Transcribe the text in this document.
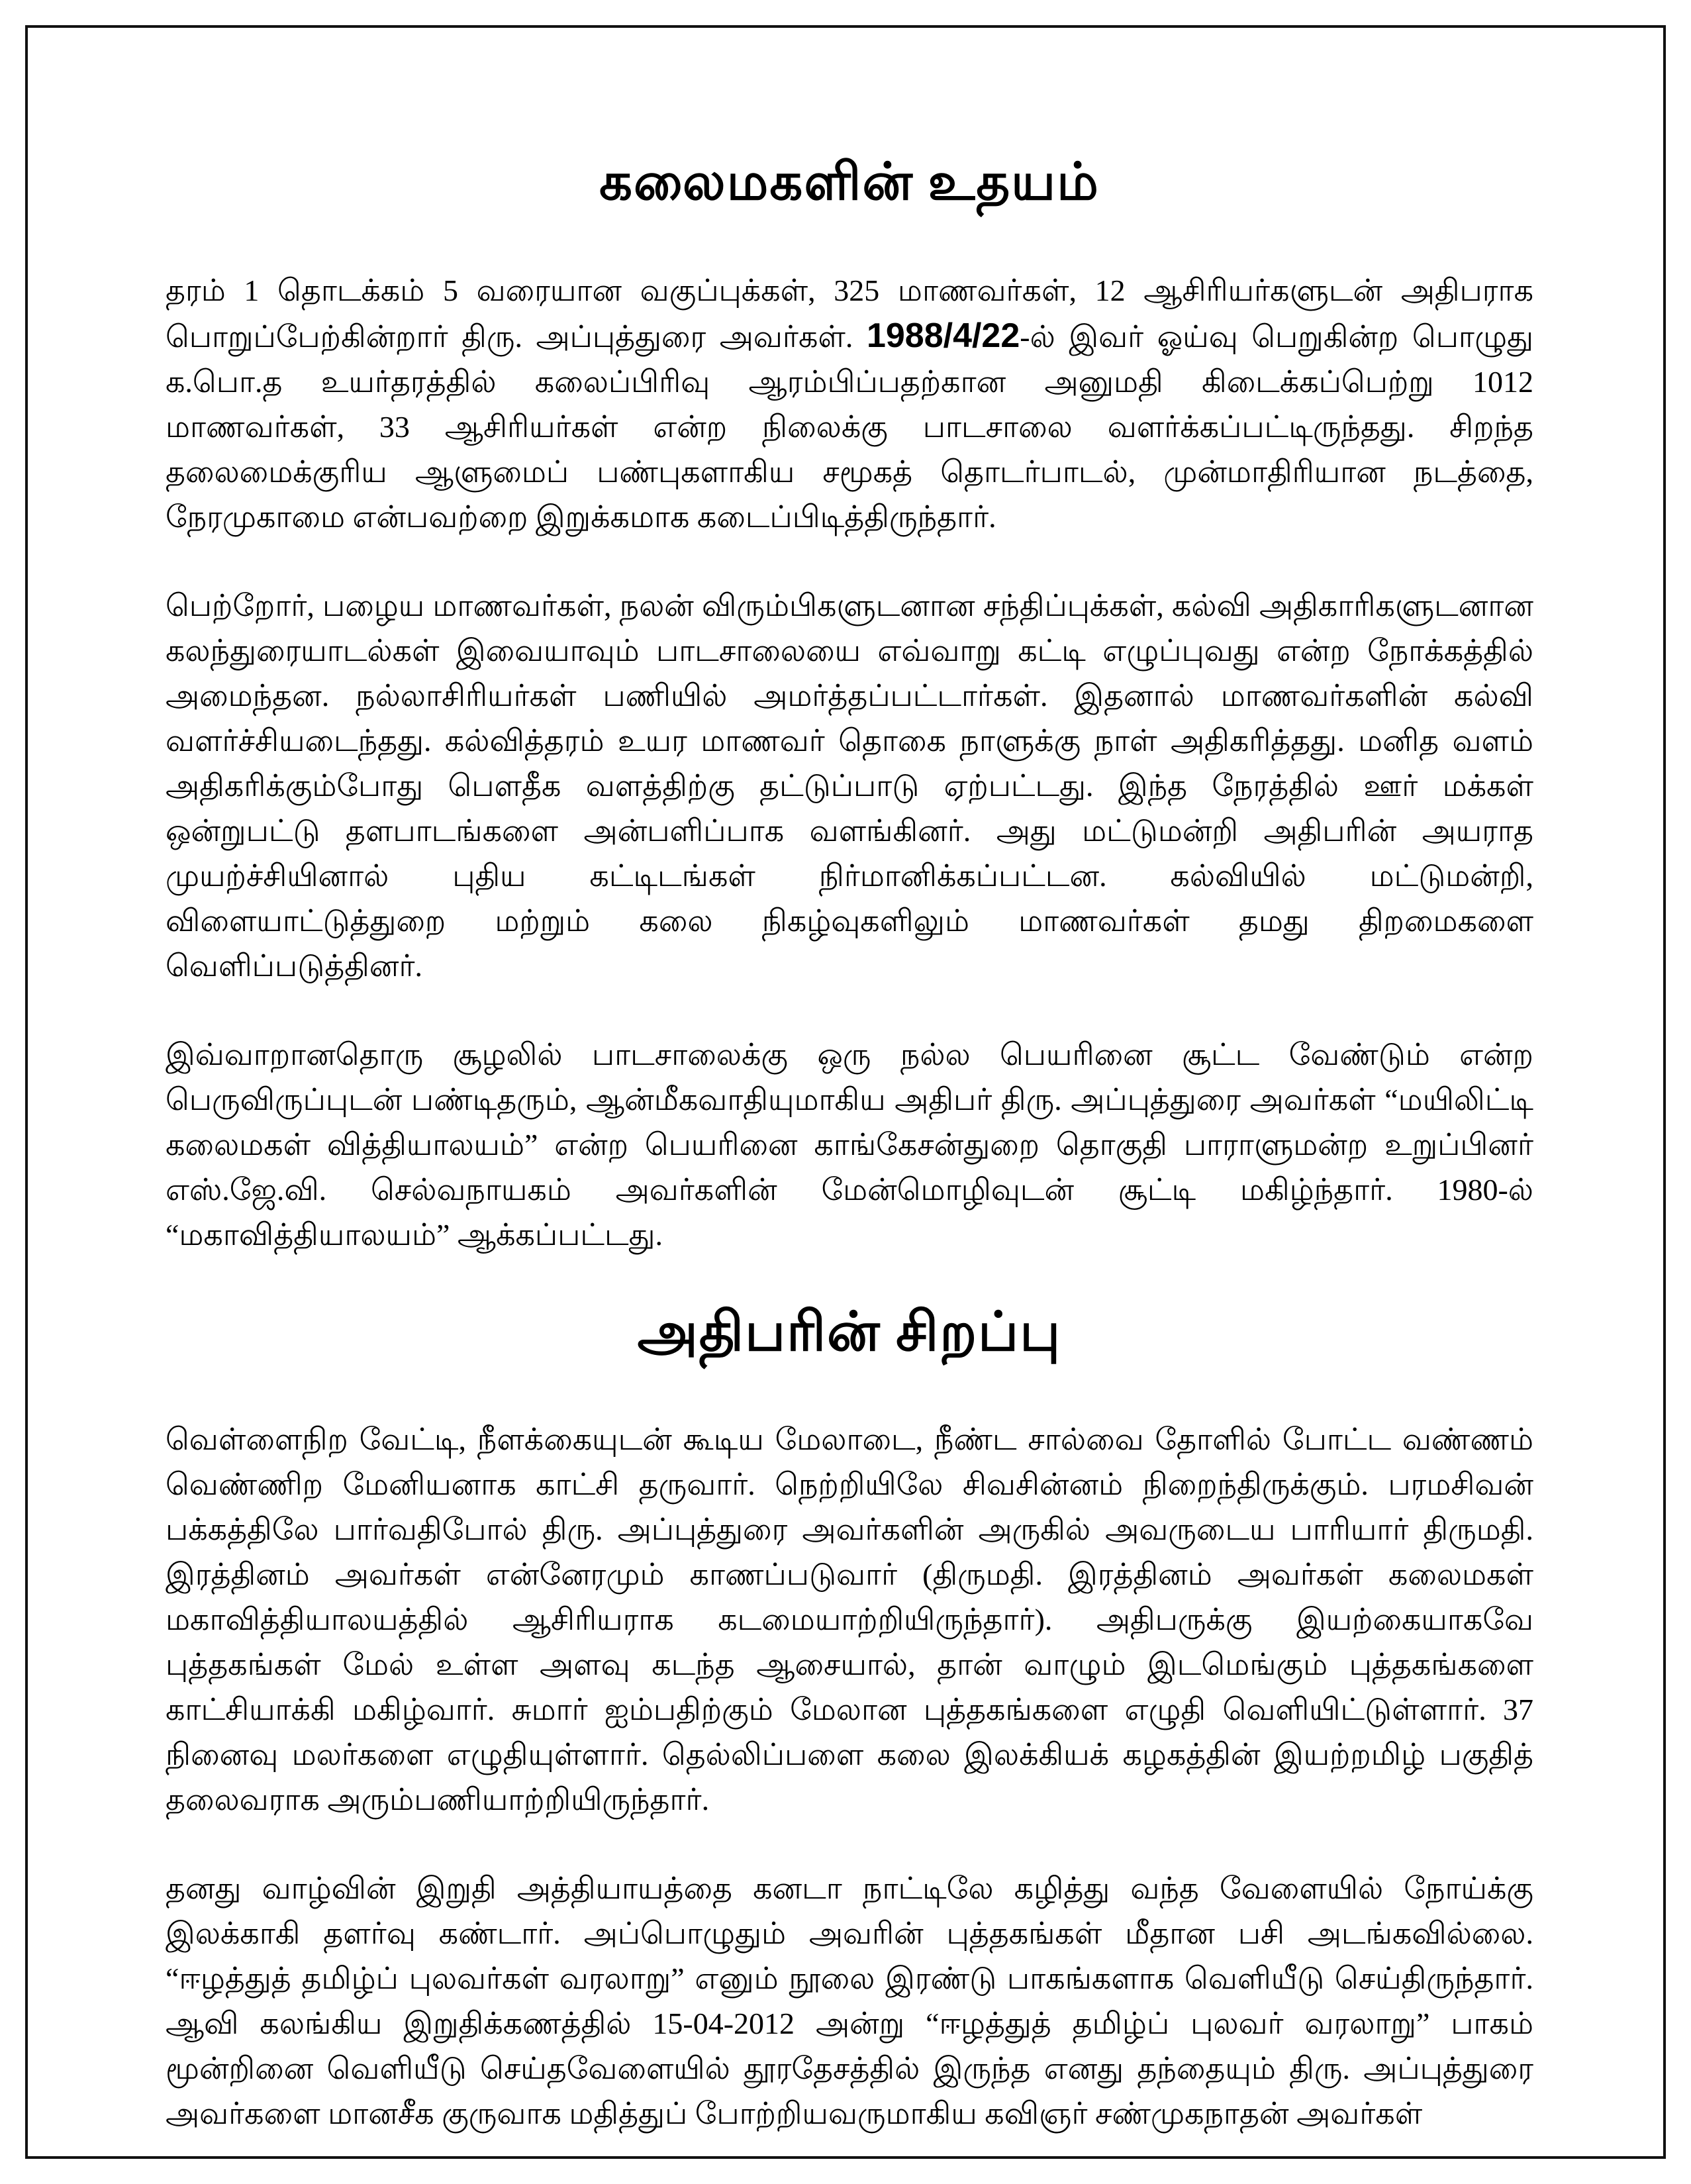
கலைமகளின் உதயம்

தரம் 1 தொடக்கம் 5 வரையான வகுப்புக்கள், 325 மாணவர்கள், 12 ஆசிரியர்களுடன் அதிபராக பொறுப்பேற்கின்றார் திரு. அப்புத்துரை அவர்கள். 1988/4/22-ல் இவர் ஓய்வு பெறுகின்ற பொழுது க.பொ.த உயர்தரத்தில் கலைப்பிரிவு ஆரம்பிப்பதற்கான அனுமதி கிடைக்கப்பெற்று 1012 மாணவர்கள், 33 ஆசிரியர்கள் என்ற நிலைக்கு பாடசாலை வளர்க்கப்பட்டிருந்தது. சிறந்த தலைமைக்குரிய ஆளுமைப் பண்புகளாகிய சமூகத் தொடர்பாடல், முன்மாதிரியான நடத்தை, நேரமுகாமை என்பவற்றை இறுக்கமாக கடைப்பிடித்திருந்தார்.

பெற்றோர், பழைய மாணவர்கள், நலன் விரும்பிகளுடனான சந்திப்புக்கள், கல்வி அதிகாரிகளுடனான கலந்துரையாடல்கள் இவையாவும் பாடசாலையை எவ்வாறு கட்டி எழுப்புவது என்ற நோக்கத்தில் அமைந்தன. நல்லாசிரியர்கள் பணியில் அமர்த்தப்பட்டார்கள். இதனால் மாணவர்களின் கல்வி வளர்ச்சியடைந்தது. கல்வித்தரம் உயர மாணவர் தொகை நாளுக்கு நாள் அதிகரித்தது. மனித வளம் அதிகரிக்கும்போது பௌதீக வளத்திற்கு தட்டுப்பாடு ஏற்பட்டது. இந்த நேரத்தில் ஊர் மக்கள் ஒன்றுபட்டு தளபாடங்களை அன்பளிப்பாக வளங்கினர். அது மட்டுமன்றி அதிபரின் அயராத முயற்ச்சியினால் புதிய கட்டிடங்கள் நிர்மானிக்கப்பட்டன. கல்வியில் மட்டுமன்றி, விளையாட்டுத்துறை மற்றும் கலை நிகழ்வுகளிலும் மாணவர்கள் தமது திறமைகளை வெளிப்படுத்தினர்.

இவ்வாறானதொரு சூழலில் பாடசாலைக்கு ஒரு நல்ல பெயரினை சூட்ட வேண்டும் என்ற பெருவிருப்புடன் பண்டிதரும், ஆன்மீகவாதியுமாகிய அதிபர் திரு. அப்புத்துரை அவர்கள் “மயிலிட்டி கலைமகள் வித்தியாலயம்” என்ற பெயரினை காங்கேசன்துறை தொகுதி பாராளுமன்ற உறுப்பினர் எஸ்.ஜே.வி. செல்வநாயகம் அவர்களின் மேன்மொழிவுடன் சூட்டி மகிழ்ந்தார். 1980-ல் “மகாவித்தியாலயம்” ஆக்கப்பட்டது.

அதிபரின் சிறப்பு

வெள்ளைநிற வேட்டி, நீளக்கையுடன் கூடிய மேலாடை, நீண்ட சால்வை தோளில் போட்ட வண்ணம் வெண்ணிற மேனியனாக காட்சி தருவார். நெற்றியிலே சிவசின்னம் நிறைந்திருக்கும். பரமசிவன் பக்கத்திலே பார்வதிபோல் திரு. அப்புத்துரை அவர்களின் அருகில் அவருடைய பாரியார் திருமதி. இரத்தினம் அவர்கள் என்னேரமும் காணப்படுவார் (திருமதி. இரத்தினம் அவர்கள் கலைமகள் மகாவித்தியாலயத்தில் ஆசிரியராக கடமையாற்றியிருந்தார்). அதிபருக்கு இயற்கையாகவே புத்தகங்கள் மேல் உள்ள அளவு கடந்த ஆசையால், தான் வாழும் இடமெங்கும் புத்தகங்களை காட்சியாக்கி மகிழ்வார். சுமார் ஐம்பதிற்கும் மேலான புத்தகங்களை எழுதி வெளியிட்டுள்ளார். 37 நினைவு மலர்களை எழுதியுள்ளார். தெல்லிப்பளை கலை இலக்கியக் கழகத்தின் இயற்றமிழ் பகுதித் தலைவராக அரும்பணியாற்றியிருந்தார்.

தனது வாழ்வின் இறுதி அத்தியாயத்தை கனடா நாட்டிலே கழித்து வந்த வேளையில் நோய்க்கு இலக்காகி தளர்வு கண்டார். அப்பொழுதும் அவரின் புத்தகங்கள் மீதான பசி அடங்கவில்லை. “ஈழத்துத் தமிழ்ப் புலவர்கள் வரலாறு” எனும் நூலை இரண்டு பாகங்களாக வெளியீடு செய்திருந்தார். ஆவி கலங்கிய இறுதிக்கணத்தில் 15-04-2012 அன்று “ஈழத்துத் தமிழ்ப் புலவர் வரலாறு” பாகம் மூன்றினை வெளியீடு செய்தவேளையில் தூரதேசத்தில் இருந்த எனது தந்தையும் திரு. அப்புத்துரை அவர்களை மானசீக குருவாக மதித்துப் போற்றியவருமாகிய கவிஞர் சண்முகநாதன் அவர்கள்
